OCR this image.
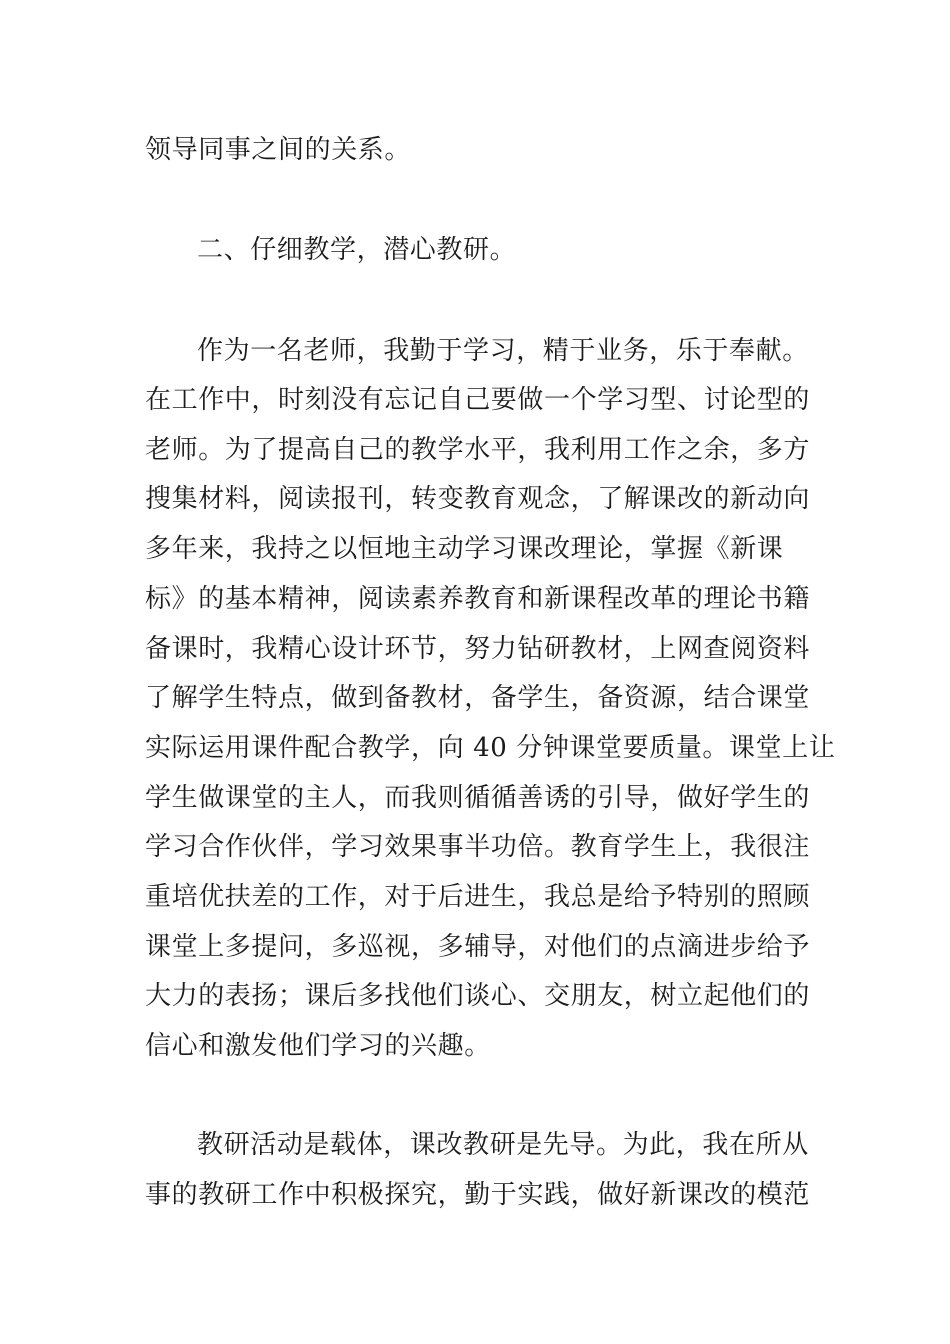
领导同事之间的关系。
二、仔细教学，潜心教研。
作为一名老师，我勤于学习，精于业务，乐于奉献。
在工作中，时刻没有忘记自己要做一个学习型、讨论型的
老师。为了提高自己的教学水平，我利用工作之余，多方
搜集材料，阅读报刊，转变教育观念，了解课改的新动向
多年来，我持之以恒地主动学习课改理论，掌握《新课
标》的基本精神，阅读素养教育和新课程改革的理论书籍
备课时，我精心设计环节，努力钻研教材，上网查阅资料
了解学生特点，做到备教材，备学生，备资源，结合课堂
实际运用课件配合教学，向 40 分钟课堂要质量。课堂上让
学生做课堂的主人，而我则循循善诱的引导，做好学生的
学习合作伙伴，学习效果事半功倍。教育学生上，我很注
重培优扶差的工作，对于后进生，我总是给予特别的照顾
课堂上多提问，多巡视，多辅导，对他们的点滴进步给予
大力的表扬；课后多找他们谈心、交朋友，树立起他们的
信心和激发他们学习的兴趣。
教研活动是载体，课改教研是先导。为此，我在所从
事的教研工作中积极探究，勤于实践，做好新课改的模范
